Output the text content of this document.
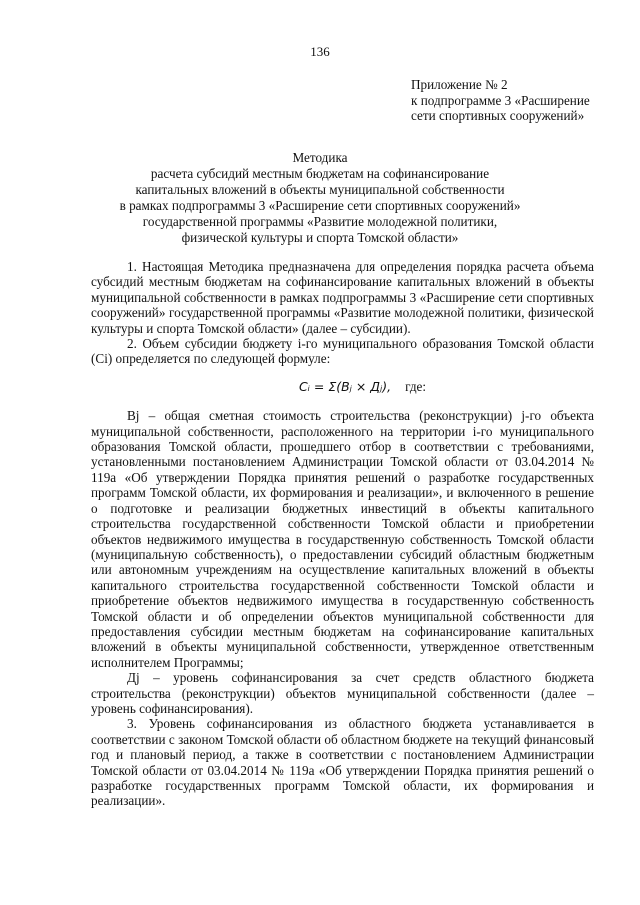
136
Приложение № 2
к подпрограмме 3 «Расширение
сети спортивных сооружений»
Методика
расчета субсидий местным бюджетам на софинансирование
капитальных вложений в объекты муниципальной собственности
в рамках подпрограммы 3 «Расширение сети спортивных сооружений»
государственной программы «Развитие молодежной политики,
физической культуры и спорта Томской области»

1. Настоящая Методика предназначена для определения порядка расчета объема субсидий местным бюджетам на софинансирование капитальных вложений в объекты муниципальной собственности в рамках подпрограммы 3 «Расширение сети спортивных сооружений» государственной программы «Развитие молодежной политики, физической культуры и спорта Томской области» (далее – субсидии).

2. Объем субсидии бюджету i-го муниципального образования Томской области (Ci) определяется по следующей формуле:

Cᵢ = Σ(Вⱼ × Дⱼ), где:

Вj – общая сметная стоимость строительства (реконструкции) j-го объекта муниципальной собственности, расположенного на территории i-го муниципального образования Томской области, прошедшего отбор в соответствии с требованиями, установленными постановлением Администрации Томской области от 03.04.2014 № 119а «Об утверждении Порядка принятия решений о разработке государственных программ Томской области, их формирования и реализации», и включенного в решение о подготовке и реализации бюджетных инвестиций в объекты капитального строительства государственной собственности Томской области и приобретении объектов недвижимого имущества в государственную собственность Томской области (муниципальную собственность), о предоставлении субсидий областным бюджетным или автономным учреждениям на осуществление капитальных вложений в объекты капитального строительства государственной собственности Томской области и приобретение объектов недвижимого имущества в государственную собственность Томской области и об определении объектов муниципальной собственности для предоставления субсидии местным бюджетам на софинансирование капитальных вложений в объекты муниципальной собственности, утвержденное ответственным исполнителем Программы;

Дj – уровень софинансирования за счет средств областного бюджета строительства (реконструкции) объектов муниципальной собственности (далее – уровень софинансирования).

3. Уровень софинансирования из областного бюджета устанавливается в соответствии с законом Томской области об областном бюджете на текущий финансовый год и плановый период, а также в соответствии с постановлением Администрации Томской области от 03.04.2014 № 119а «Об утверждении Порядка принятия решений о разработке государственных программ Томской области, их формирования и реализации».
